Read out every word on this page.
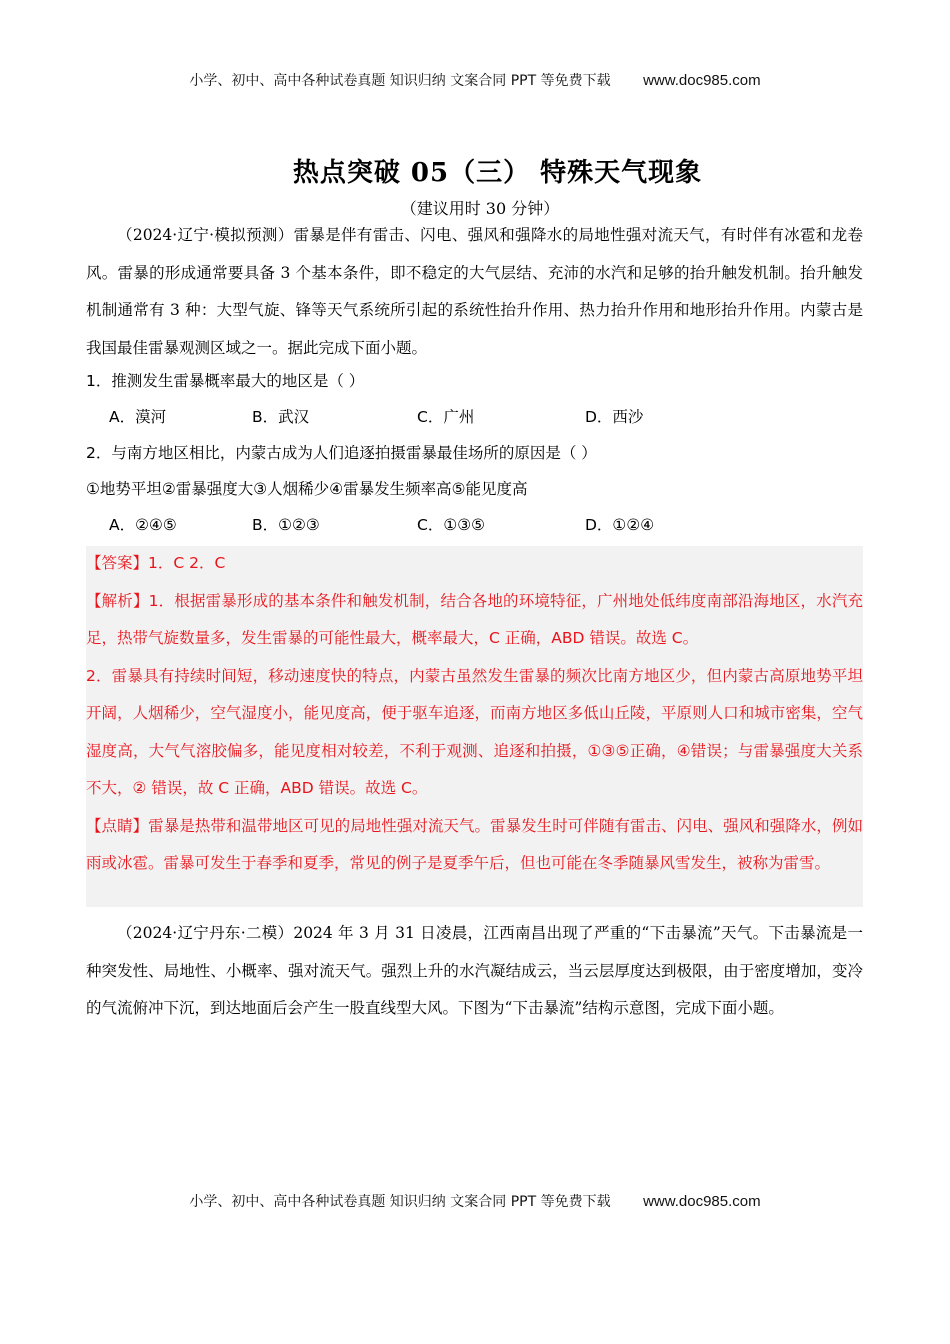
小学、初中、高中各种试卷真题 知识归纳 文案合同 PPT 等免费下载 www.doc985.com
热点突破 05（三） 特殊天气现象
（建议用时 30 分钟）

（2024·辽宁·模拟预测）雷暴是伴有雷击、闪电、强风和强降水的局地性强对流天气，有时伴有冰雹和龙卷风。雷暴的形成通常要具备 3 个基本条件，即不稳定的大气层结、充沛的水汽和足够的抬升触发机制。抬升触发机制通常有 3 种：大型气旋、锋等天气系统所引起的系统性抬升作用、热力抬升作用和地形抬升作用。内蒙古是我国最佳雷暴观测区域之一。据此完成下面小题。

1．推测发生雷暴概率最大的地区是（ ）

A．漠河	B．武汉	C．广州	D．西沙

2．与南方地区相比，内蒙古成为人们追逐拍摄雷暴最佳场所的原因是（ ）

①地势平坦②雷暴强度大③人烟稀少④雷暴发生频率高⑤能见度高

A．②④⑤	B．①②③	C．①③⑤	D．①②④

【答案】1．C 2．C

【解析】1．根据雷暴形成的基本条件和触发机制，结合各地的环境特征，广州地处低纬度南部沿海地区，水汽充足，热带气旋数量多，发生雷暴的可能性最大，概率最大，C 正确，ABD 错误。故选 C。

2．雷暴具有持续时间短，移动速度快的特点，内蒙古虽然发生雷暴的频次比南方地区少，但内蒙古高原地势平坦开阔，人烟稀少，空气湿度小，能见度高，便于驱车追逐，而南方地区多低山丘陵，平原则人口和城市密集，空气湿度高，大气气溶胶偏多，能见度相对较差，不利于观测、追逐和拍摄，①③⑤正确，④错误；与雷暴强度大关系不大，② 错误，故 C 正确，ABD 错误。故选 C。

【点睛】雷暴是热带和温带地区可见的局地性强对流天气。雷暴发生时可伴随有雷击、闪电、强风和强降水，例如雨或冰雹。雷暴可发生于春季和夏季，常见的例子是夏季午后，但也可能在冬季随暴风雪发生，被称为雷雪。

（2024·辽宁丹东·二模）2024 年 3 月 31 日凌晨，江西南昌出现了严重的“下击暴流”天气。下击暴流是一种突发性、局地性、小概率、强对流天气。强烈上升的水汽凝结成云，当云层厚度达到极限，由于密度增加，变冷的气流俯冲下沉，到达地面后会产生一股直线型大风。下图为“下击暴流”结构示意图，完成下面小题。

小学、初中、高中各种试卷真题 知识归纳 文案合同 PPT 等免费下载 www.doc985.com
